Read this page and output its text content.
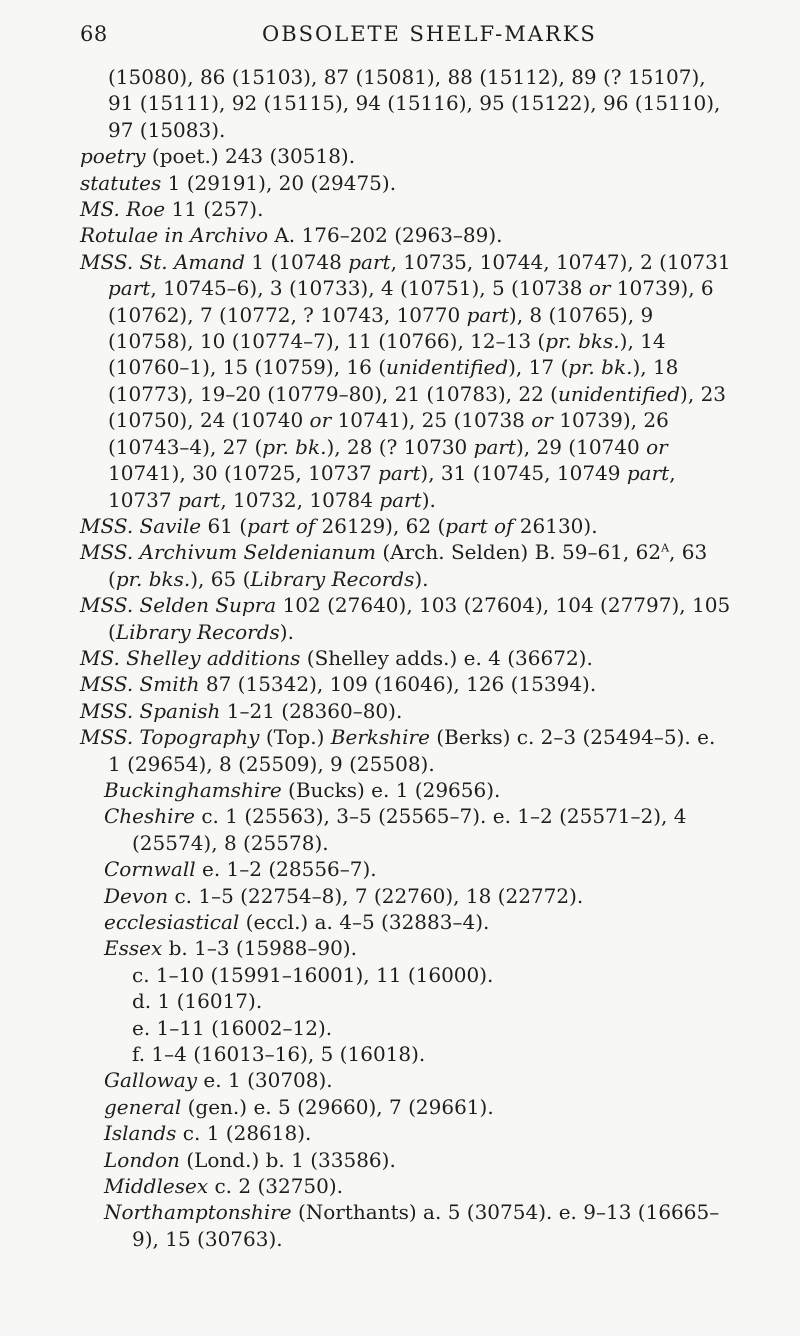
68	OBSOLETE SHELF-MARKS

(15080), 86 (15103), 87 (15081), 88 (15112), 89 (? 15107), 91 (15111), 92 (15115), 94 (15116), 95 (15122), 96 (15110), 97 (15083).

poetry (poet.) 243 (30518).

statutes 1 (29191), 20 (29475).

MS. Roe 11 (257).

Rotulae in Archivo A. 176–202 (2963–89).

MSS. St. Amand 1 (10748 part, 10735, 10744, 10747), 2 (10731 part, 10745–6), 3 (10733), 4 (10751), 5 (10738 or 10739), 6 (10762), 7 (10772, ? 10743, 10770 part), 8 (10765), 9 (10758), 10 (10774–7), 11 (10766), 12–13 (pr. bks.), 14 (10760–1), 15 (10759), 16 (unidentified), 17 (pr. bk.), 18 (10773), 19–20 (10779–80), 21 (10783), 22 (unidentified), 23 (10750), 24 (10740 or 10741), 25 (10738 or 10739), 26 (10743–4), 27 (pr. bk.), 28 (? 10730 part), 29 (10740 or 10741), 30 (10725, 10737 part), 31 (10745, 10749 part, 10737 part, 10732, 10784 part).

MSS. Savile 61 (part of 26129), 62 (part of 26130).

MSS. Archivum Seldenianum (Arch. Selden) B. 59–61, $62^A$, 63 (pr. bks.), 65 (Library Records).

MSS. Selden Supra 102 (27640), 103 (27604), 104 (27797), 105 (Library Records).

MS. Shelley additions (Shelley adds.) e. 4 (36672).

MSS. Smith 87 (15342), 109 (16046), 126 (15394).

MSS. Spanish 1–21 (28360–80).

MSS. Topography (Top.) Berkshire (Berks) c. 2–3 (25494–5). e. 1 (29654), 8 (25509), 9 (25508).

Buckinghamshire (Bucks) e. 1 (29656).

Cheshire c. 1 (25563), 3–5 (25565–7). e. 1–2 (25571–2), 4 (25574), 8 (25578).

Cornwall e. 1–2 (28556–7).

Devon c. 1–5 (22754–8), 7 (22760), 18 (22772).

ecclesiastical (eccl.) a. 4–5 (32883–4).

Essex b. 1–3 (15988–90).

c. 1–10 (15991–16001), 11 (16000).

d. 1 (16017).

e. 1–11 (16002–12).

f. 1–4 (16013–16), 5 (16018).

Galloway e. 1 (30708).

general (gen.) e. 5 (29660), 7 (29661).

Islands c. 1 (28618).

London (Lond.) b. 1 (33586).

Middlesex c. 2 (32750).

Northamptonshire (Northants) a. 5 (30754). e. 9–13 (16665–9), 15 (30763).
